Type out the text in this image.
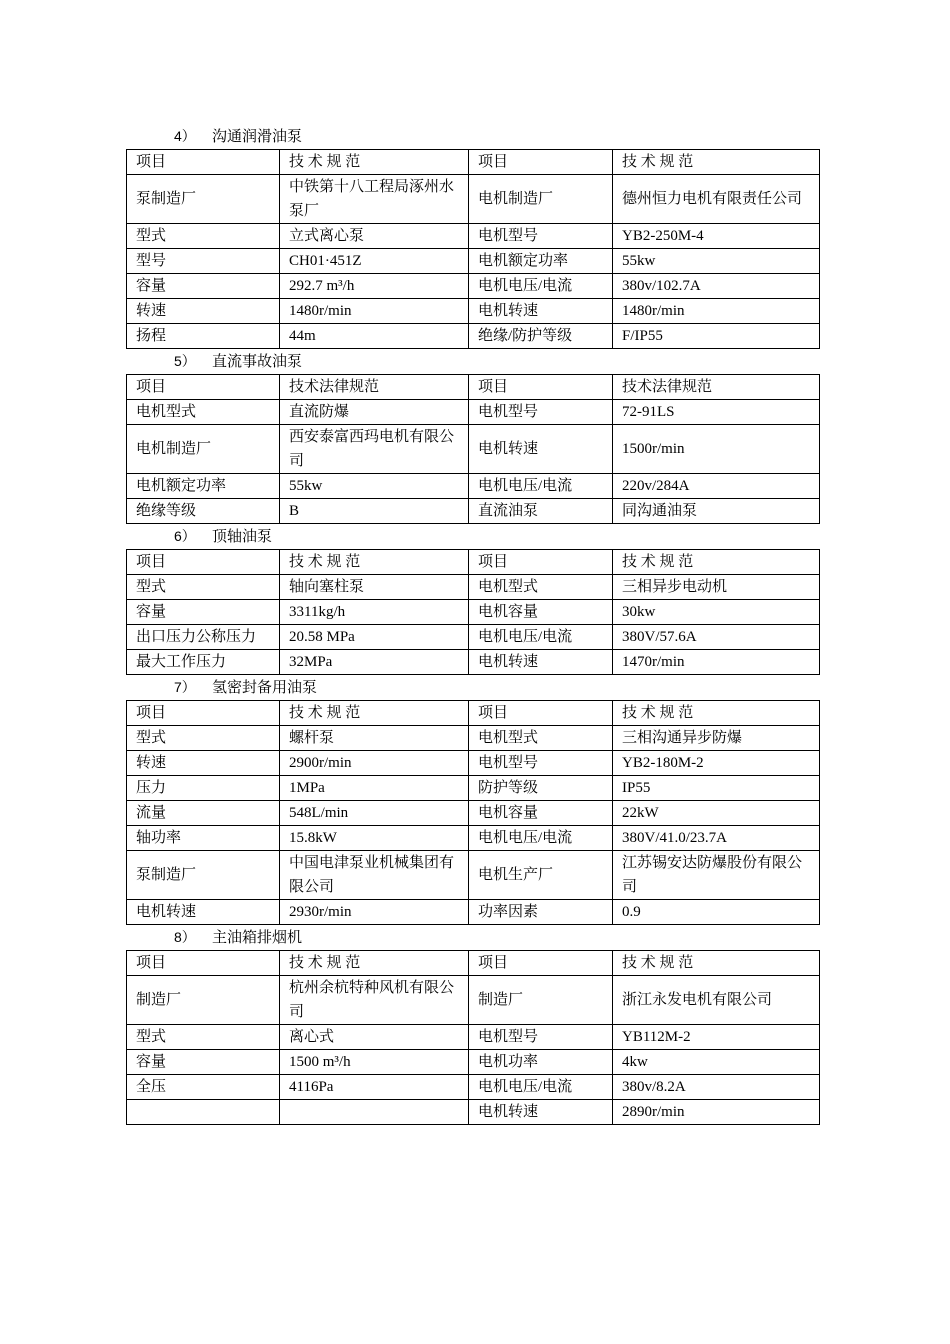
4） 沟通润滑油泵
项目	技 术 规 范	项目	技 术 规 范
泵制造厂	中铁第十八工程局涿州水泵厂	电机制造厂	德州恒力电机有限责任公司
型式	立式离心泵	电机型号	YB2-250M-4
型号	CH01·451Z	电机额定功率	55kw
容量	292.7 m³/h	电机电压/电流	380v/102.7A
转速	1480r/min	电机转速	1480r/min
扬程	44m	绝缘/防护等级	F/IP55
5） 直流事故油泵
项目	技术法律规范	项目	技术法律规范
电机型式	直流防爆	电机型号	72-91LS
电机制造厂	西安泰富西玛电机有限公司	电机转速	1500r/min
电机额定功率	55kw	电机电压/电流	220v/284A
绝缘等级	B	直流油泵	同沟通油泵
6） 顶轴油泵
项目	技 术 规 范	项目	技 术 规 范
型式	轴向塞柱泵	电机型式	三相异步电动机
容量	3311kg/h	电机容量	30kw
出口压力公称压力	20.58 MPa	电机电压/电流	380V/57.6A
最大工作压力	32MPa	电机转速	1470r/min
7） 氢密封备用油泵
项目	技 术 规 范	项目	技 术 规 范
型式	螺杆泵	电机型式	三相沟通异步防爆
转速	2900r/min	电机型号	YB2-180M-2
压力	1MPa	防护等级	IP55
流量	548L/min	电机容量	22kW
轴功率	15.8kW	电机电压/电流	380V/41.0/23.7A
泵制造厂	中国电津泵业机械集团有限公司	电机生产厂	江苏锡安达防爆股份有限公司
电机转速	2930r/min	功率因素	0.9
8） 主油箱排烟机
项目	技 术 规 范	项目	技 术 规 范
制造厂	杭州余杭特种风机有限公司	制造厂	浙江永发电机有限公司
型式	离心式	电机型号	YB112M-2
容量	1500 m³/h	电机功率	4kw
全压	4116Pa	电机电压/电流	380v/8.2A
		电机转速	2890r/min
